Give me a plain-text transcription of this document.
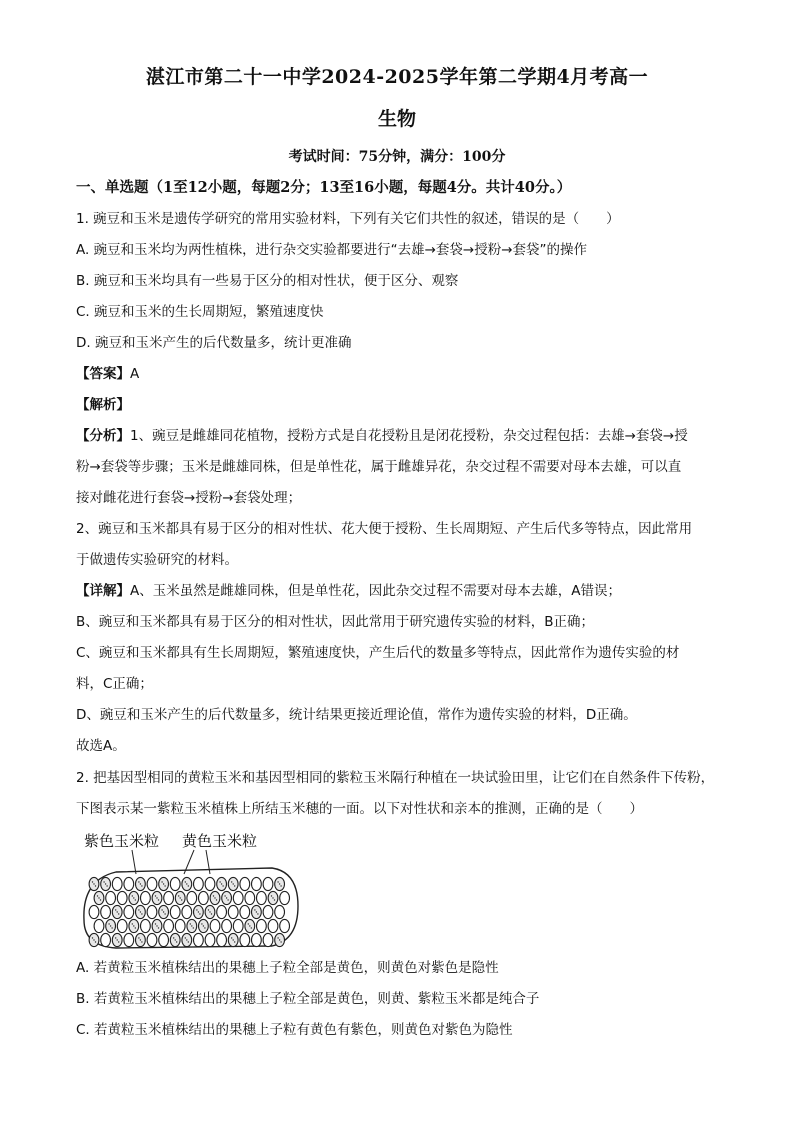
湛江市第二十一中学2024-2025学年第二学期4月考高一
生物
考试时间：75分钟，满分：100分
一、单选题（1至12小题，每题2分；13至16小题，每题4分。共计40分。）
1. 豌豆和玉米是遗传学研究的常用实验材料，下列有关它们共性的叙述，错误的是（　　）
A. 豌豆和玉米均为两性植株，进行杂交实验都要进行“去雄→套袋→授粉→套袋”的操作
B. 豌豆和玉米均具有一些易于区分的相对性状，便于区分、观察
C. 豌豆和玉米的生长周期短，繁殖速度快
D. 豌豆和玉米产生的后代数量多，统计更准确
【答案】A
【解析】
【分析】1、豌豆是雌雄同花植物，授粉方式是自花授粉且是闭花授粉，杂交过程包括：去雄→套袋→授
粉→套袋等步骤；玉米是雌雄同株，但是单性花，属于雌雄异花，杂交过程不需要对母本去雄，可以直
接对雌花进行套袋→授粉→套袋处理；
2、豌豆和玉米都具有易于区分的相对性状、花大便于授粉、生长周期短、产生后代多等特点，因此常用
于做遗传实验研究的材料。
【详解】A、玉米虽然是雌雄同株，但是单性花，因此杂交过程不需要对母本去雄，A错误；
B、豌豆和玉米都具有易于区分的相对性状，因此常用于研究遗传实验的材料，B正确；
C、豌豆和玉米都具有生长周期短，繁殖速度快，产生后代的数量多等特点，因此常作为遗传实验的材
料，C正确；
D、豌豆和玉米产生的后代数量多，统计结果更接近理论值，常作为遗传实验的材料，D正确。
故选A。
2. 把基因型相同的黄粒玉米和基因型相同的紫粒玉米隔行种植在一块试验田里，让它们在自然条件下传粉，
下图表示某一紫粒玉米植株上所结玉米穗的一面。以下对性状和亲本的推测，正确的是（　　）
紫色玉米粒 黄色玉米粒
A. 若黄粒玉米植株结出的果穗上子粒全部是黄色，则黄色对紫色是隐性
B. 若黄粒玉米植株结出的果穗上子粒全部是黄色，则黄、紫粒玉米都是纯合子
C. 若黄粒玉米植株结出的果穗上子粒有黄色有紫色，则黄色对紫色为隐性
